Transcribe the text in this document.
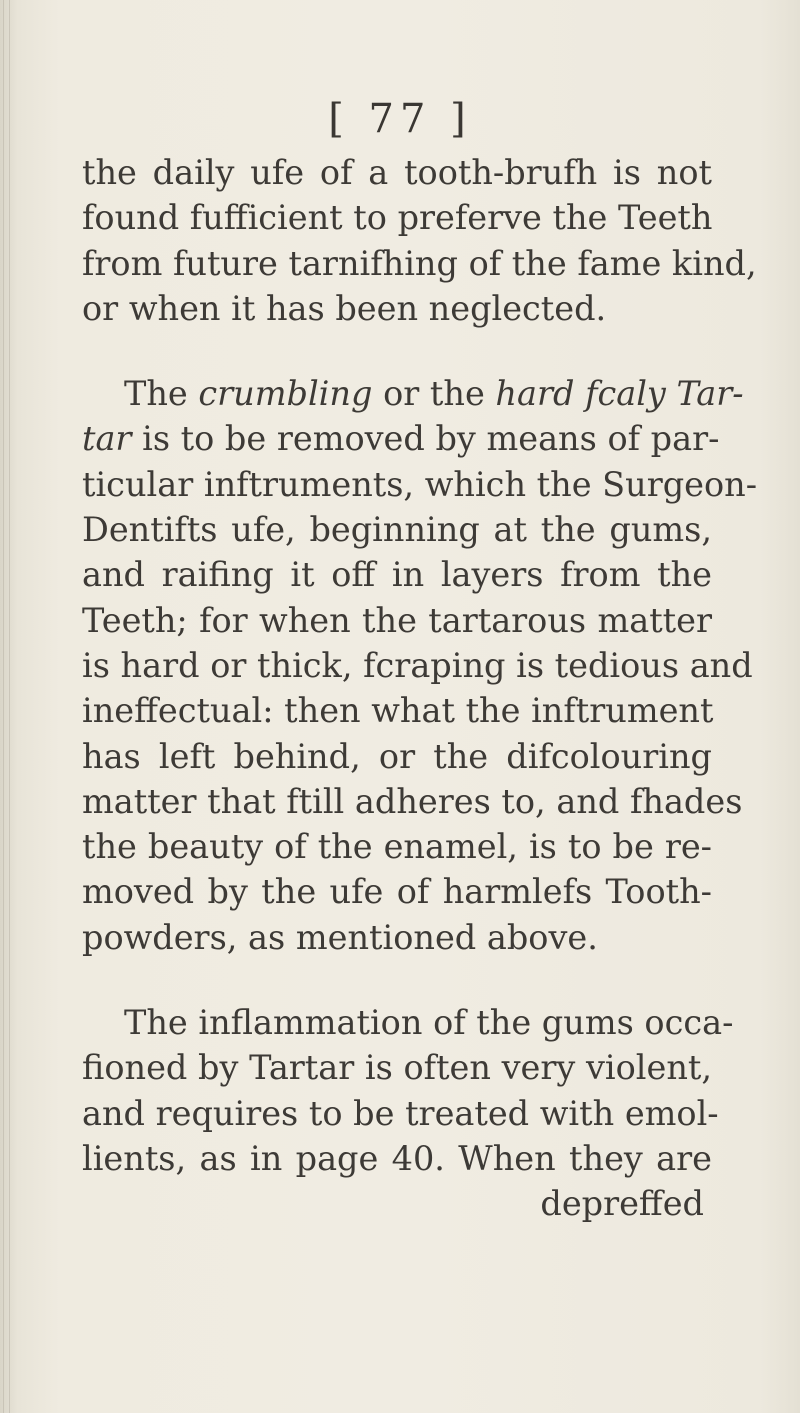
[ 77 ]
the daily ufe of a tooth-brufh is not
found fufficient to preferve the Teeth
from future tarnifhing of the fame kind,
or when it has been neglected.
The crumbling or the hard fcaly Tar-
tar is to be removed by means of par-
ticular inftruments, which the Surgeon-
Dentifts ufe, beginning at the gums,
and raifing it off in layers from the
Teeth; for when the tartarous matter
is hard or thick, fcraping is tedious and
ineffectual: then what the inftrument
has left behind, or the difcolouring
matter that ftill adheres to, and fhades
the beauty of the enamel, is to be re-
moved by the ufe of harmlefs Tooth-
powders, as mentioned above.
The inflammation of the gums occa-
fioned by Tartar is often very violent,
and requires to be treated with emol-
lients, as in page 40. When they are
depreffed
